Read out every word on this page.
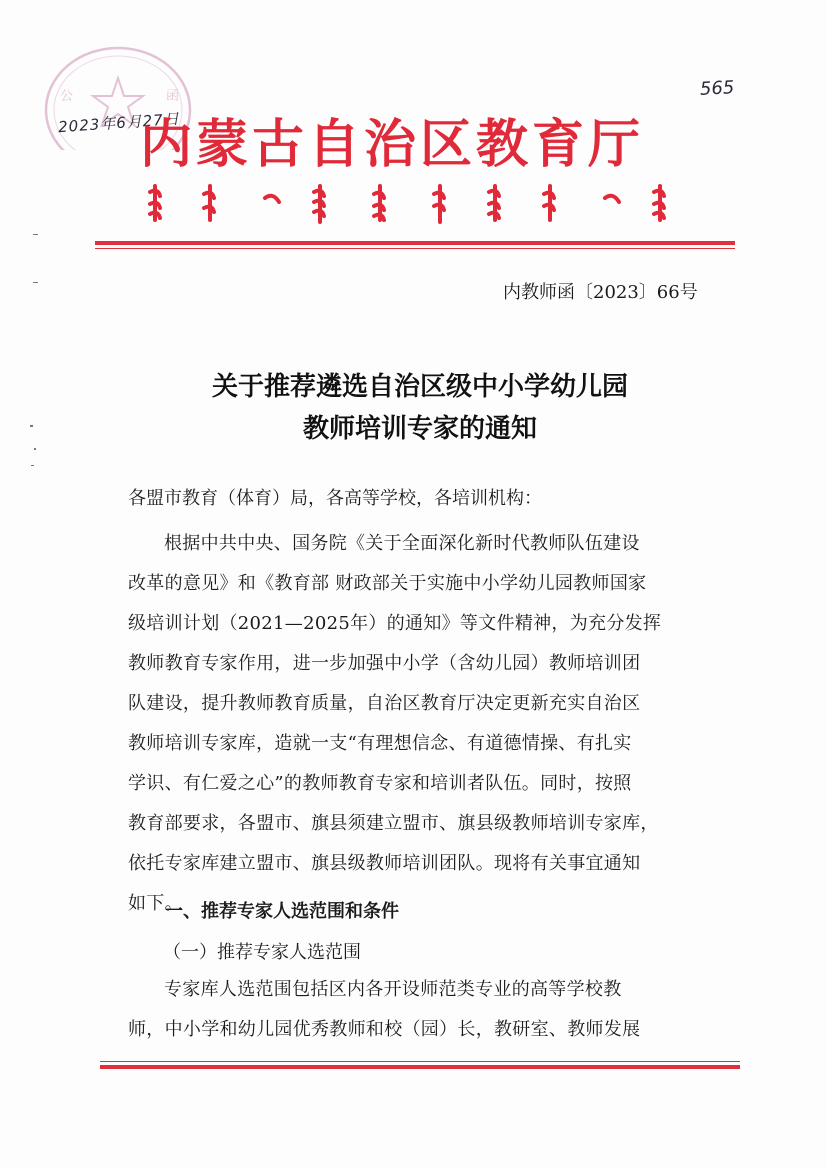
公	函
2023年6月27日
565
内蒙古自治区教育厅
内教师函〔2023〕66号
关于推荐遴选自治区级中小学幼儿园
教师培训专家的通知
各盟市教育（体育）局，各高等学校，各培训机构：
根据中共中央、国务院《关于全面深化新时代教师队伍建设
改革的意见》和《教育部 财政部关于实施中小学幼儿园教师国家
级培训计划（2021—2025年）的通知》等文件精神，为充分发挥
教师教育专家作用，进一步加强中小学（含幼儿园）教师培训团
队建设，提升教师教育质量，自治区教育厅决定更新充实自治区
教师培训专家库，造就一支“有理想信念、有道德情操、有扎实
学识、有仁爱之心”的教师教育专家和培训者队伍。同时，按照
教育部要求，各盟市、旗县须建立盟市、旗县级教师培训专家库，
依托专家库建立盟市、旗县级教师培训团队。现将有关事宜通知
如下。
一、推荐专家人选范围和条件
（一）推荐专家人选范围
专家库人选范围包括区内各开设师范类专业的高等学校教
师，中小学和幼儿园优秀教师和校（园）长，教研室、教师发展
